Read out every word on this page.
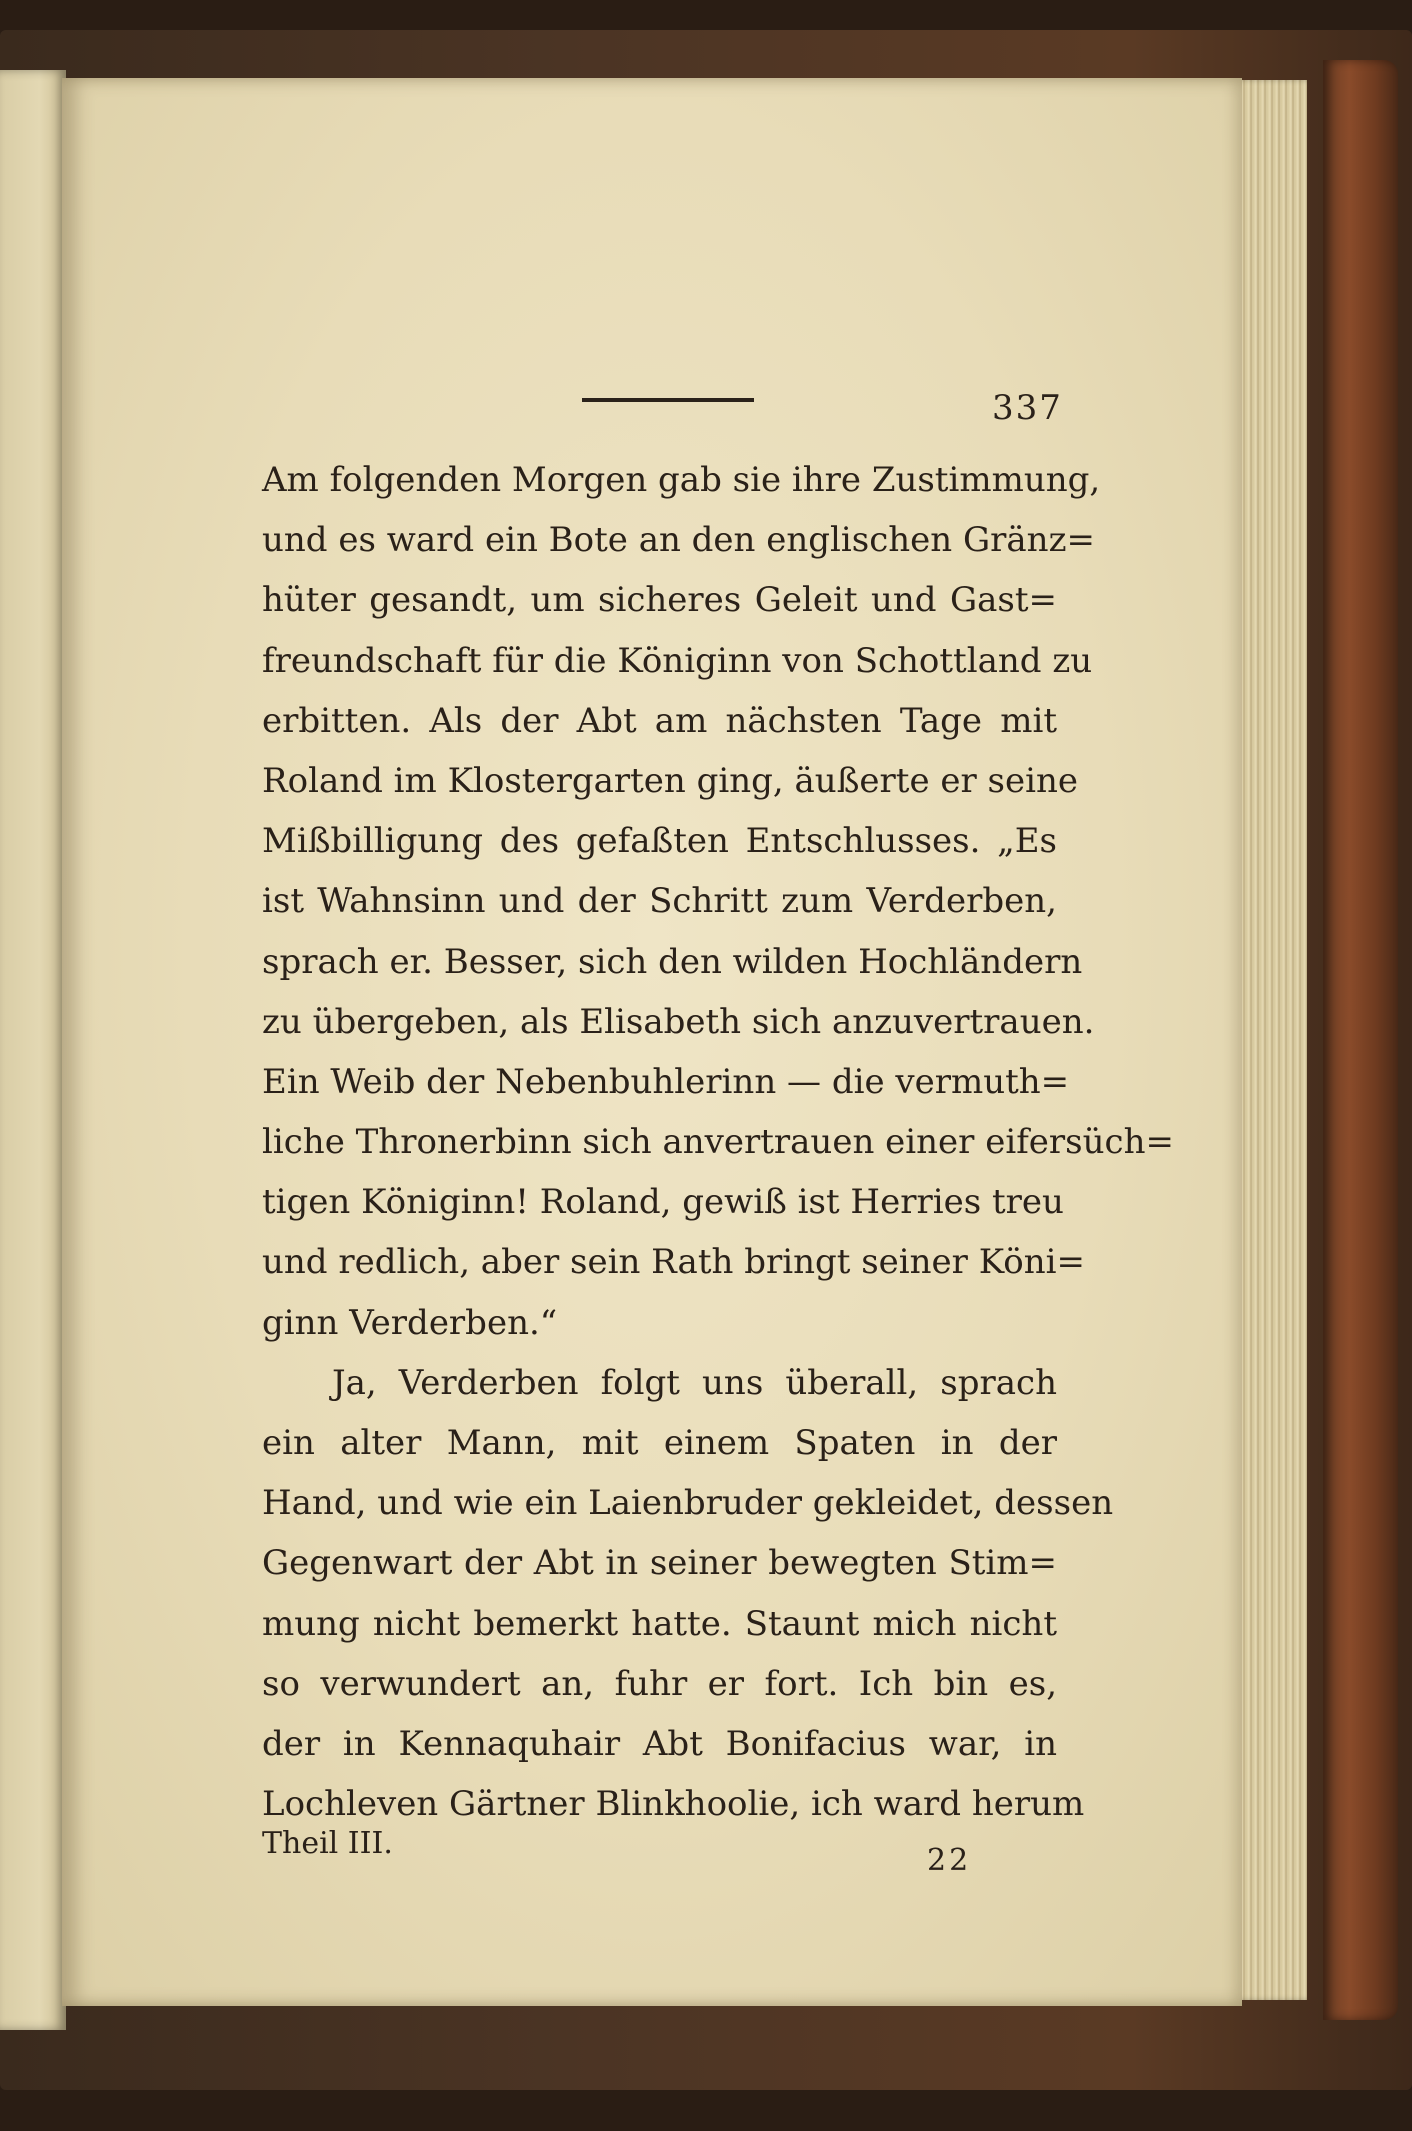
337
Am folgenden Morgen gab sie ihre Zustimmung,
und es ward ein Bote an den englischen Gränz=
hüter gesandt, um sicheres Geleit und Gast=
freundschaft für die Königinn von Schottland zu
erbitten. Als der Abt am nächsten Tage mit
Roland im Klostergarten ging, äußerte er seine
Mißbilligung des gefaßten Entschlusses. „Es
ist Wahnsinn und der Schritt zum Verderben,
sprach er. Besser, sich den wilden Hochländern
zu übergeben, als Elisabeth sich anzuvertrauen.
Ein Weib der Nebenbuhlerinn — die vermuth=
liche Thronerbinn sich anvertrauen einer eifersüch=
tigen Königinn! Roland, gewiß ist Herries treu
und redlich, aber sein Rath bringt seiner Köni=
ginn Verderben.“
Ja, Verderben folgt uns überall, sprach
ein alter Mann, mit einem Spaten in der
Hand, und wie ein Laienbruder gekleidet, dessen
Gegenwart der Abt in seiner bewegten Stim=
mung nicht bemerkt hatte. Staunt mich nicht
so verwundert an, fuhr er fort. Ich bin es,
der in Kennaquhair Abt Bonifacius war, in
Lochleven Gärtner Blinkhoolie, ich ward herum
Theil III.	22
